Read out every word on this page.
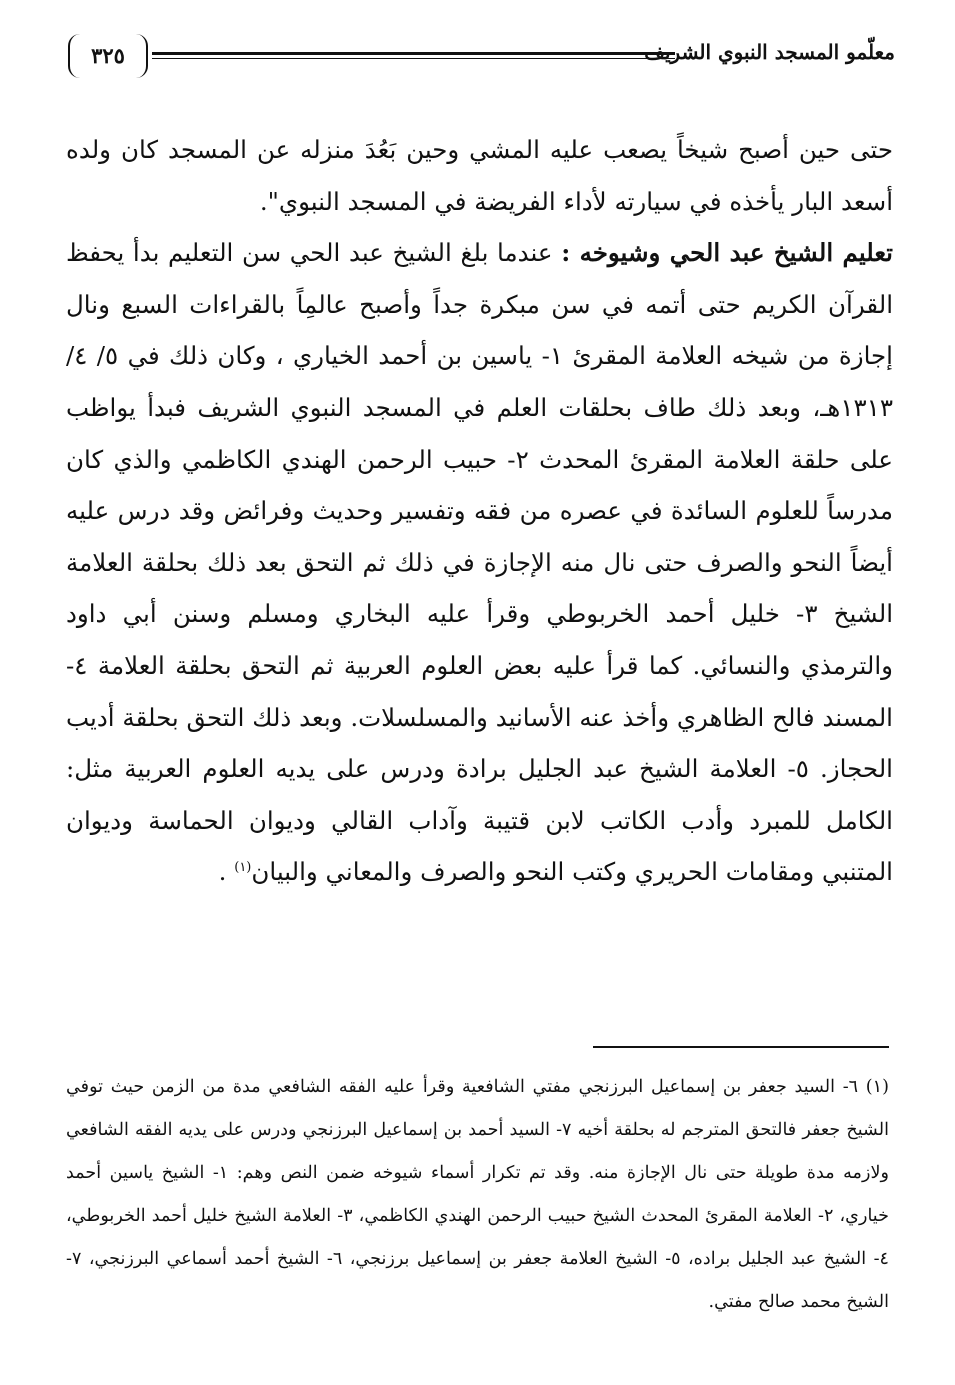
معلّمو المسجد النبوي الشريف
٣٢٥

حتى حين أصبح شيخاً يصعب عليه المشي وحين بَعُدَ منزله عن المسجد كان ولده أسعد البار يأخذه في سيارته لأداء الفريضة في المسجد النبوي".

تعليم الشيخ عبد الحي وشيوخه : عندما بلغ الشيخ عبد الحي سن التعليم بدأ يحفظ القرآن الكريم حتى أتمه في سن مبكرة جداً وأصبح عالمِاً بالقراءات السبع ونال إجازة من شيخه العلامة المقرئ ١- ياسين بن أحمد الخياري ، وكان ذلك في ٥/ ٤/ ١٣١٣هـ، وبعد ذلك طاف بحلقات العلم في المسجد النبوي الشريف فبدأ يواظب على حلقة العلامة المقرئ المحدث ٢- حبيب الرحمن الهندي الكاظمي والذي كان مدرساً للعلوم السائدة في عصره من فقه وتفسير وحديث وفرائض وقد درس عليه أيضاً النحو والصرف حتى نال منه الإجازة في ذلك ثم التحق بعد ذلك بحلقة العلامة الشيخ ٣- خليل أحمد الخربوطي وقرأ عليه البخاري ومسلم وسنن أبي داود والترمذي والنسائي. كما قرأ عليه بعض العلوم العربية ثم التحق بحلقة العلامة ٤- المسند فالح الظاهري وأخذ عنه الأسانيد والمسلسلات. وبعد ذلك التحق بحلقة أديب الحجاز. ٥- العلامة الشيخ عبد الجليل برادة ودرس على يديه العلوم العربية مثل: الكامل للمبرد وأدب الكاتب لابن قتيبة وآداب القالي وديوان الحماسة وديوان المتنبي ومقامات الحريري وكتب النحو والصرف والمعاني والبيان$^{(١)}$ .

(١) ٦- السيد جعفر بن إسماعيل البرزنجي مفتي الشافعية وقرأ عليه الفقه الشافعي مدة من الزمن حيث توفي الشيخ جعفر فالتحق المترجم له بحلقة أخيه ٧- السيد أحمد بن إسماعيل البرزنجي ودرس على يديه الفقه الشافعي ولازمه مدة طويلة حتى نال الإجازة منه. وقد تم تكرار أسماء شيوخه ضمن النص وهم: ١- الشيخ ياسين أحمد خياري، ٢- العلامة المقرئ المحدث الشيخ حبيب الرحمن الهندي الكاظمي، ٣- العلامة الشيخ خليل أحمد الخربوطي، ٤- الشيخ عبد الجليل براده، ٥- الشيخ العلامة جعفر بن إسماعيل برزنجي، ٦- الشيخ أحمد أسماعي البرزنجي، ٧- الشيخ محمد صالح مفتي.
